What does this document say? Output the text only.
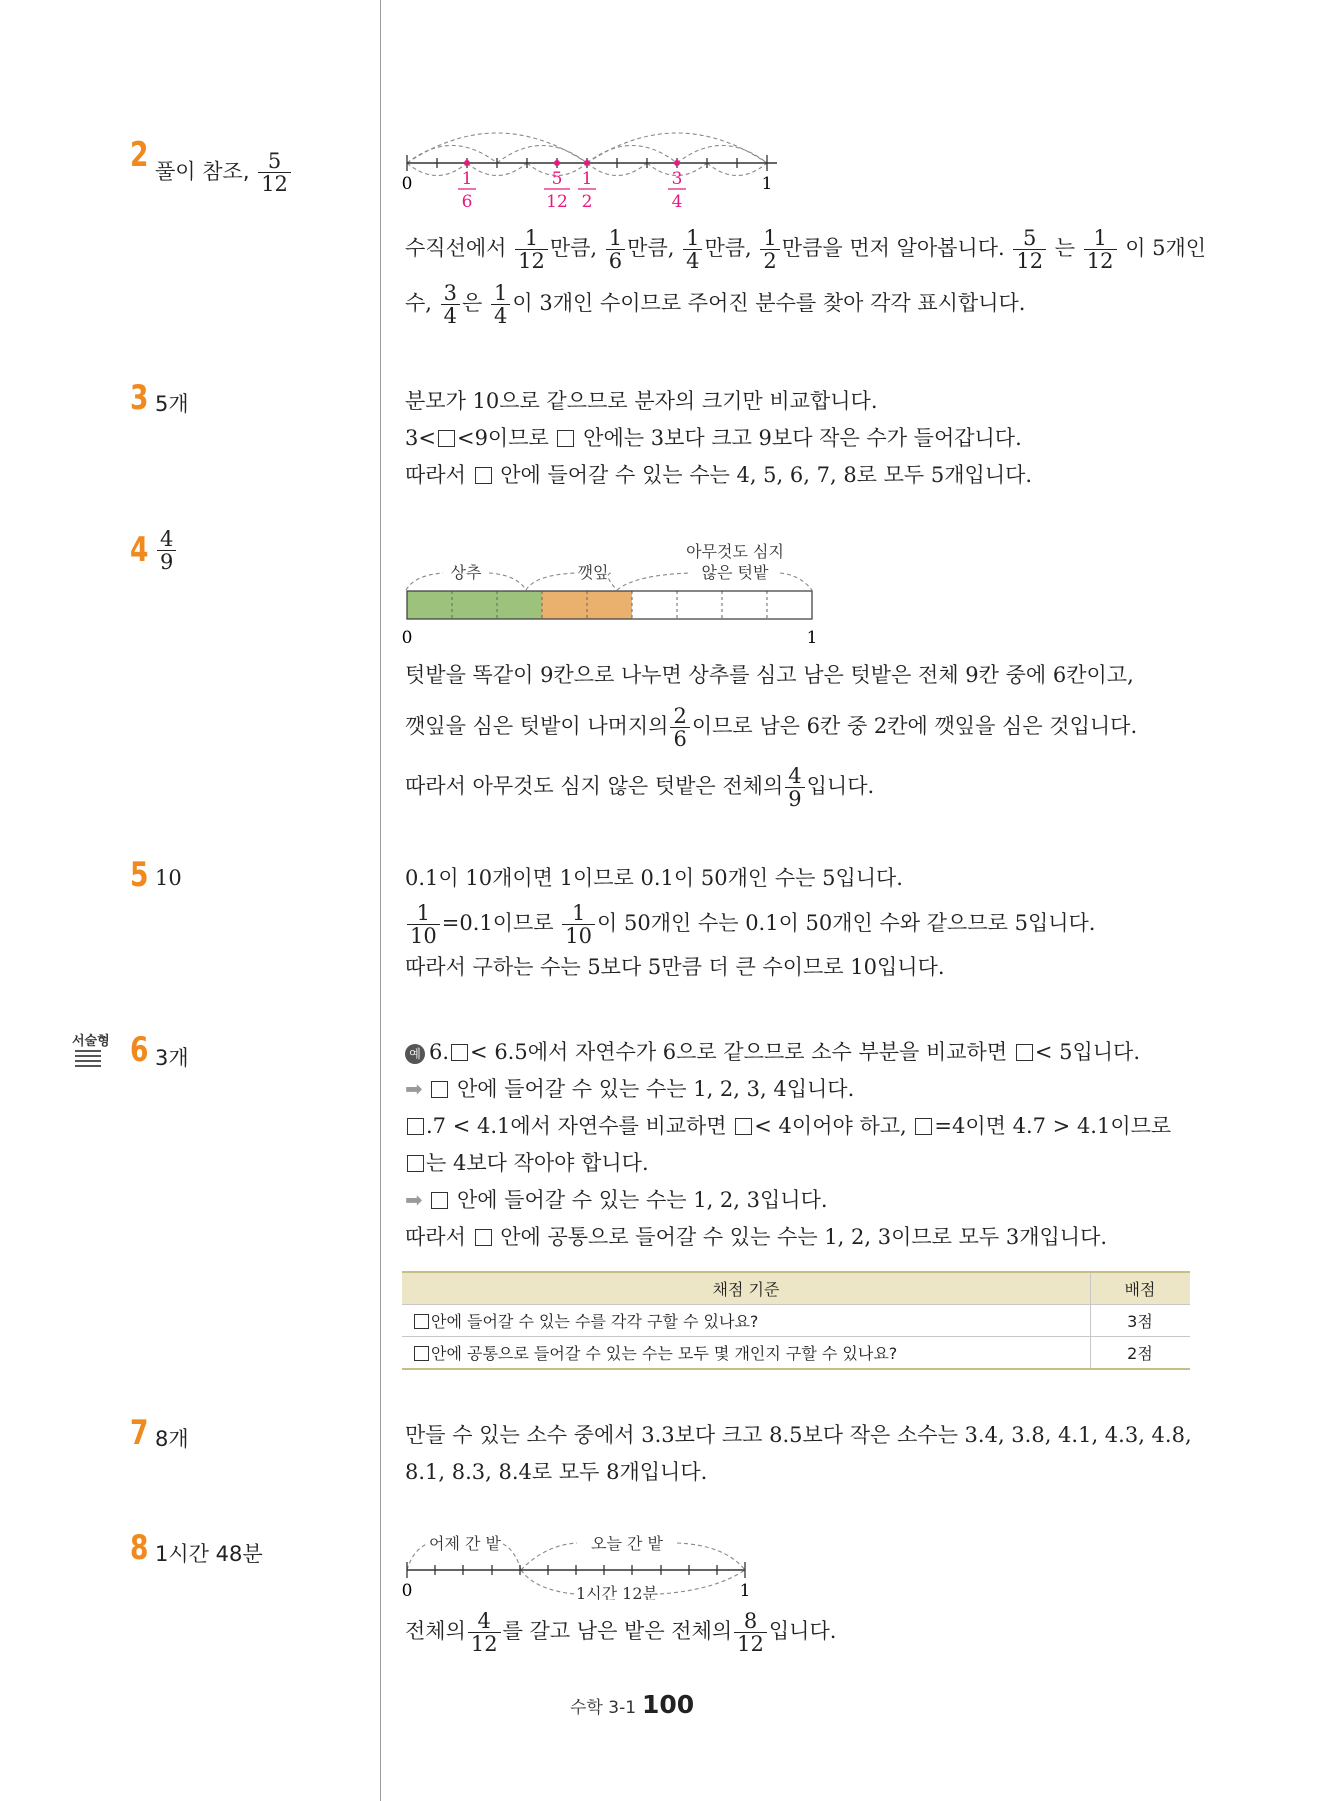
2 풀이 참조, $\frac{5}{12}$	0	1
1
6
5
12
1
2
3
4

수직선에서 $\frac{1}{12}$ 만큼, $\frac{1}{6}$ 만큼, $\frac{1}{4}$ 만큼, $\frac{1}{2}$ 만큼을 먼저 알아봅니다. $\frac{5}{12}$ 는 $\frac{1}{12}$ 이 5개인

수, $\frac{3}{4}$ 은 $\frac{1}{4}$ 이 3개인 수이므로 주어진 분수를 찾아 각각 표시합니다.

3 5개	분모가 10으로 같으므로 분자의 크기만 비교합니다.

3< <9이므로 안에는 3보다 크고 9보다 작은 수가 들어갑니다.

따라서 안에 들어갈 수 있는 수는 4, 5, 6, 7, 8로 모두 5개입니다.

$4 \frac{4}{9}$	아무것도 심지
상추	깻잎	않은 텃밭
0	1

텃밭을 똑같이 9칸으로 나누면 상추를 심고 남은 텃밭은 전체 9칸 중에 6칸이고,

깻잎을 심은 텃밭이 나머지의 $\frac{2}{6}$ 이므로 남은 6칸 중 2칸에 깻잎을 심은 것입니다.

따라서 아무것도 심지 않은 텃밭은 전체의 $\frac{4}{9}$ 입니다.

5 10	0.1이 10개이면 1이므로 0.1이 50개인 수는 5입니다.

$\frac{1}{10} =0.1$이므로 $\frac{1}{10}$ 이 50개인 수는 0.1이 50개인 수와 같으므로 5입니다.

따라서 구하는 수는 5보다 5만큼 더 큰 수이므로 10입니다.

서술형 6 3개	예 6. < 6.5에서 자연수가 6으로 같으므로 소수 부분을 비교하면 < 5입니다.

➡ 안에 들어갈 수 있는 수는 1, 2, 3, 4입니다.

.7 < 4.1에서 자연수를 비교하면 < 4이어야 하고, =4이면 4.7 > 4.1이므로

는 4보다 작아야 합니다.

➡ 안에 들어갈 수 있는 수는 1, 2, 3입니다.

따라서 안에 공통으로 들어갈 수 있는 수는 1, 2, 3이므로 모두 3개입니다.

채점 기준	배점
안에 들어갈 수 있는 수를 각각 구할 수 있나요?	3점
안에 공통으로 들어갈 수 있는 수는 모두 몇 개인지 구할 수 있나요?	2점
7 8개	만들 수 있는 소수 중에서 3.3보다 크고 8.5보다 작은 소수는 3.4, 3.8, 4.1, 4.3, 4.8,

8.1, 8.3, 8.4로 모두 8개입니다.

8 1시간 48분	어제 간 밭	오늘 간 밭
1시간 12분
0	1

전체의 $\frac{4}{12}$ 를 갈고 남은 밭은 전체의 $\frac{8}{12}$ 입니다.

수학 3-1 100
